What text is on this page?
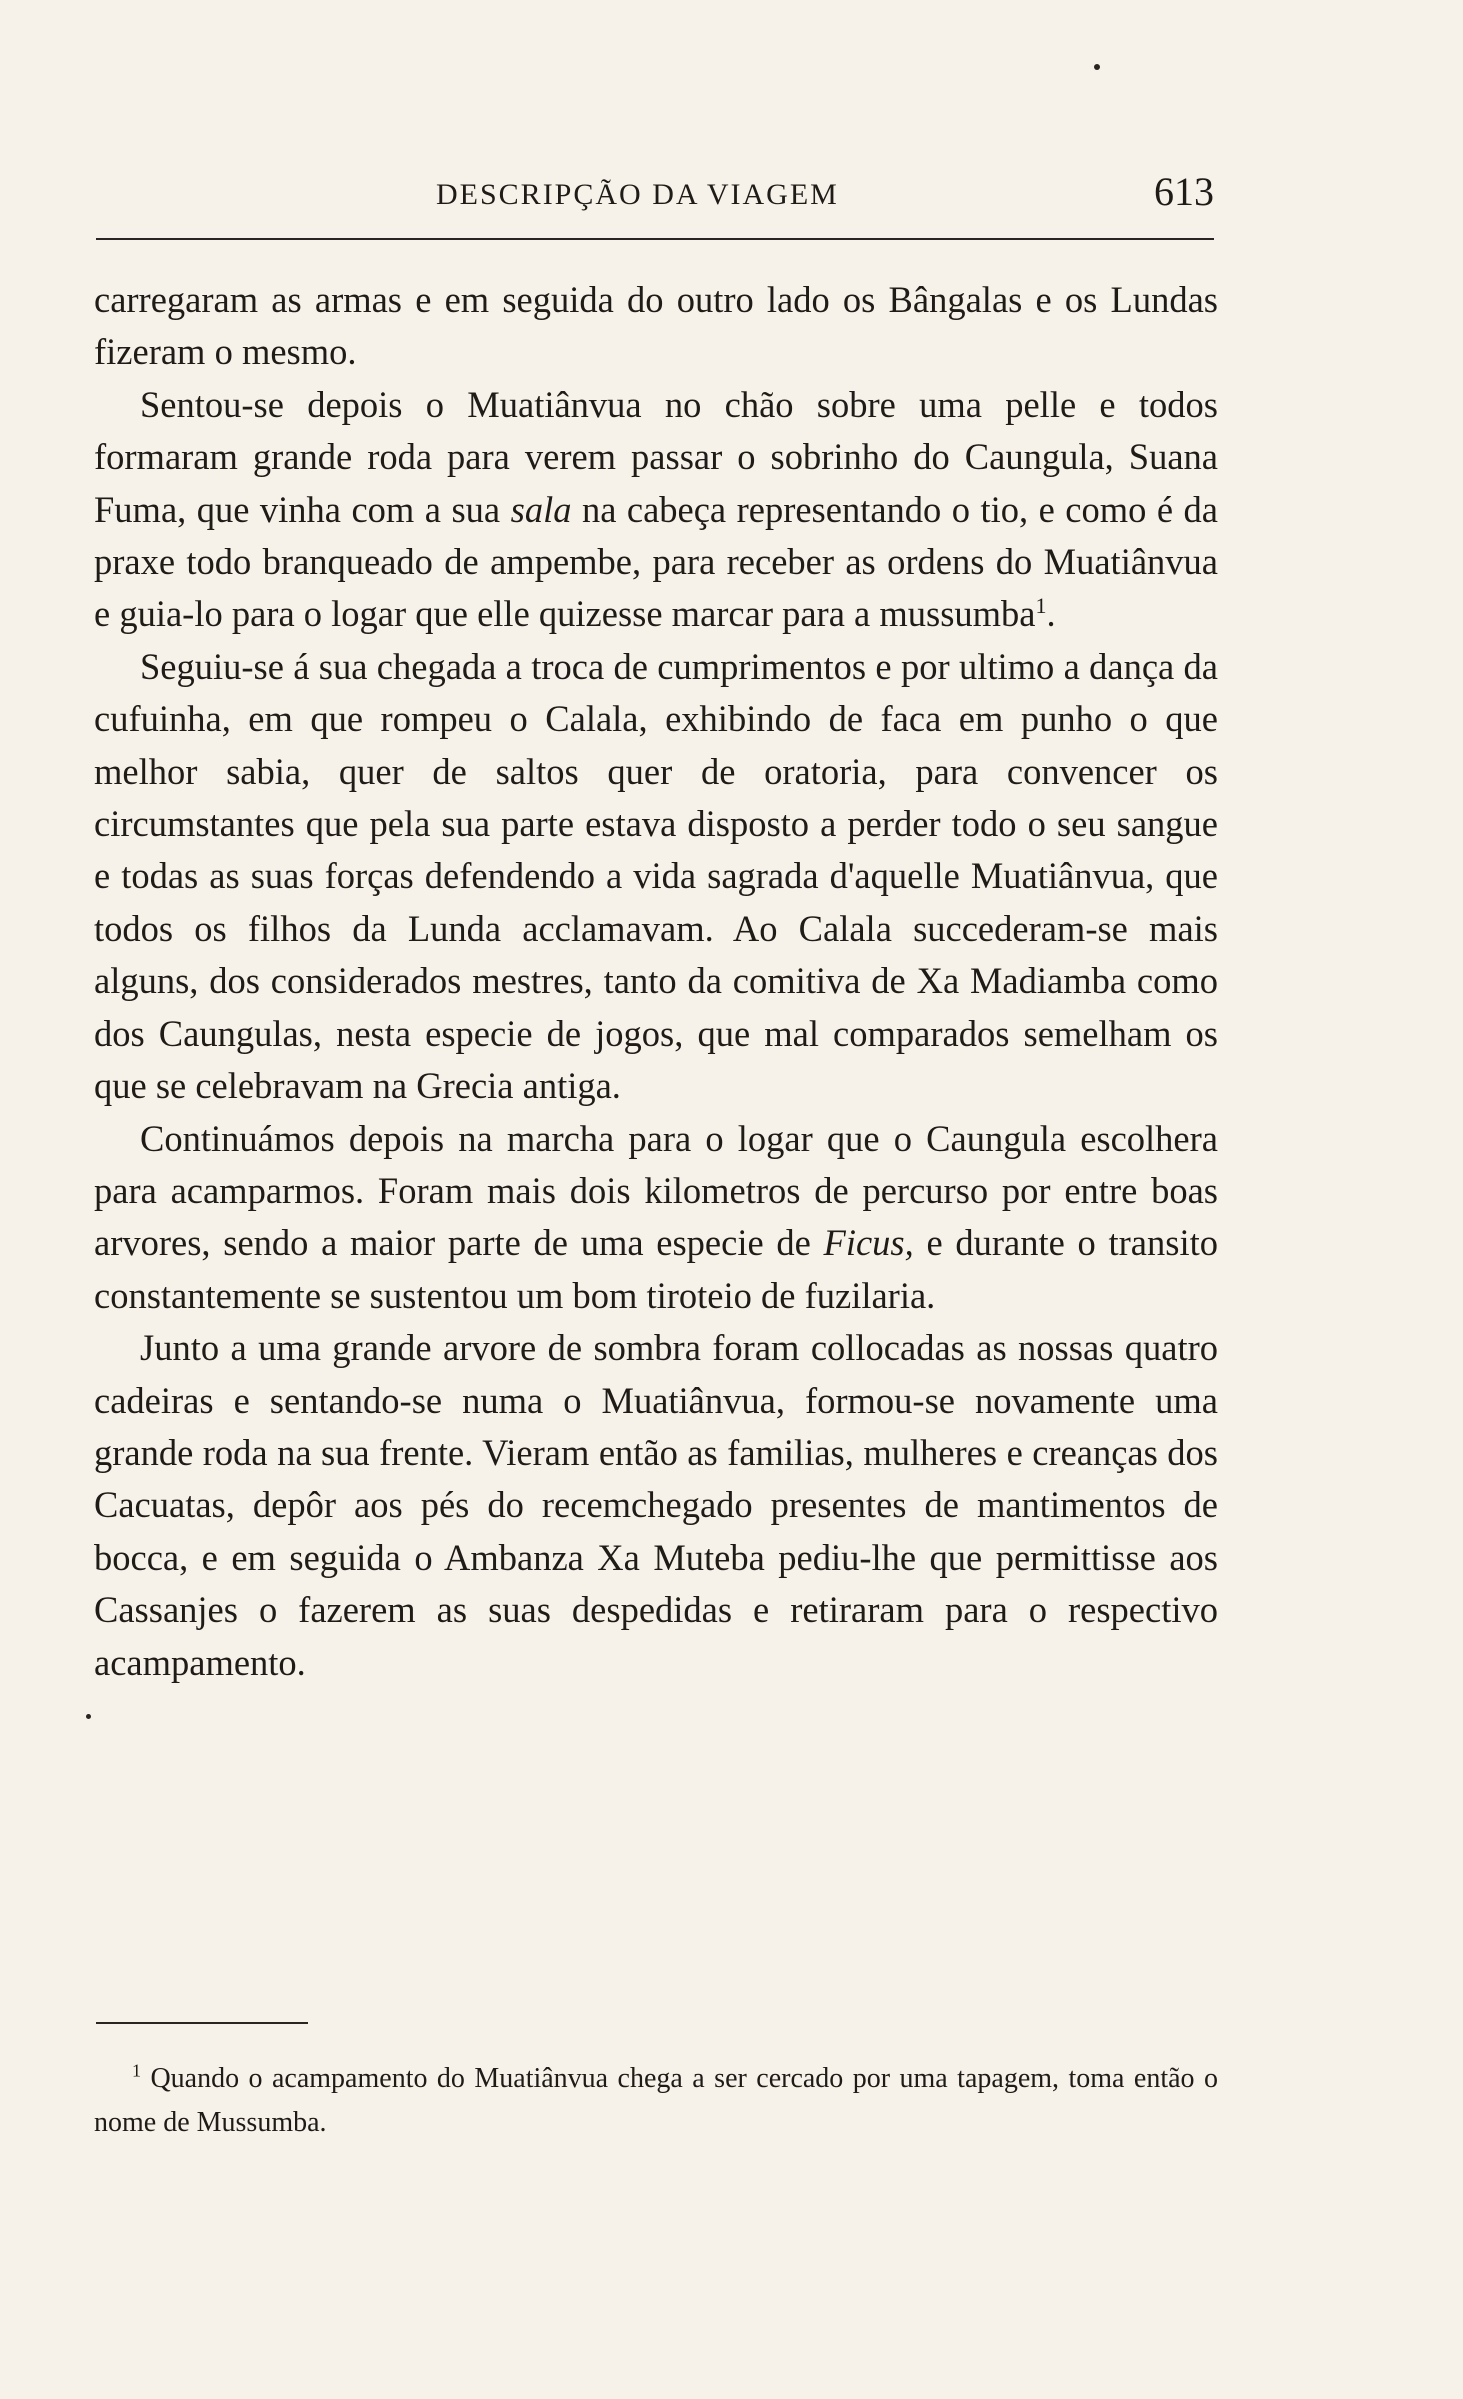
DESCRIPÇÃO DA VIAGEM	613

carregaram as armas e em seguida do outro lado os Bângalas e os Lundas fizeram o mesmo.

Sentou-se depois o Muatiânvua no chão sobre uma pelle e todos formaram grande roda para verem passar o sobrinho do Caungula, Suana Fuma, que vinha com a sua sala na cabeça representando o tio, e como é da praxe todo branqueado de ampembe, para receber as ordens do Muatiânvua e guia-lo para o logar que elle quizesse marcar para a mussumba$^1$.

Seguiu-se á sua chegada a troca de cumprimentos e por ultimo a dança da cufuinha, em que rompeu o Calala, exhibindo de faca em punho o que melhor sabia, quer de saltos quer de oratoria, para convencer os circumstantes que pela sua parte estava disposto a perder todo o seu sangue e todas as suas forças defendendo a vida sagrada d'aquelle Muatiânvua, que todos os filhos da Lunda acclamavam. Ao Calala succederam-se mais alguns, dos considerados mestres, tanto da comitiva de Xa Madiamba como dos Caungulas, nesta especie de jogos, que mal comparados semelham os que se celebravam na Grecia antiga.

Continuámos depois na marcha para o logar que o Caungula escolhera para acamparmos. Foram mais dois kilometros de percurso por entre boas arvores, sendo a maior parte de uma especie de Ficus, e durante o transito constantemente se sustentou um bom tiroteio de fuzilaria.

Junto a uma grande arvore de sombra foram collocadas as nossas quatro cadeiras e sentando-se numa o Muatiânvua, formou-se novamente uma grande roda na sua frente. Vieram então as familias, mulheres e creanças dos Cacuatas, depôr aos pés do recemchegado presentes de mantimentos de bocca, e em seguida o Ambanza Xa Muteba pediu-lhe que permittisse aos Cassanjes o fazerem as suas despedidas e retiraram para o respectivo acampamento.

$^1$ Quando o acampamento do Muatiânvua chega a ser cercado por uma tapagem, toma então o nome de Mussumba.
